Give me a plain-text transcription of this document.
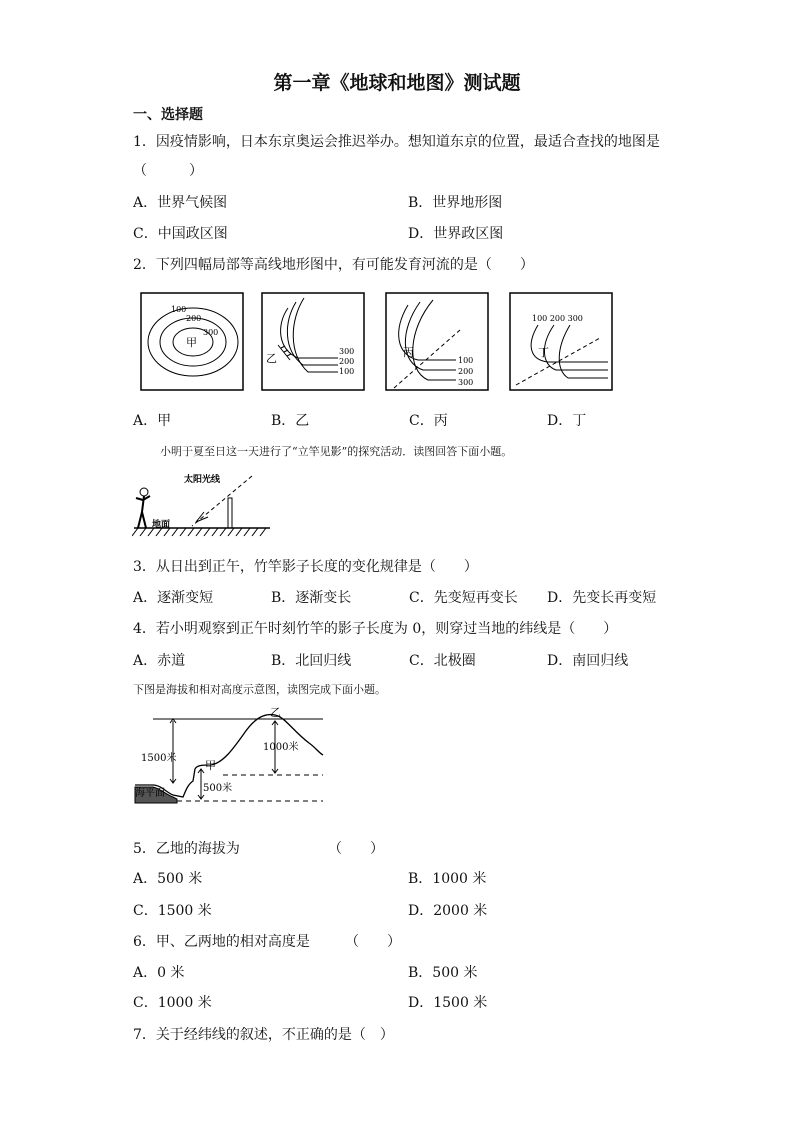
第一章《地球和地图》测试题
一、选择题
1．因疫情影响，日本东京奥运会推迟举办。想知道东京的位置，最适合查找的地图是
（　　　）
A．世界气候图	B．世界地形图
C．中国政区图	D．世界政区图
2．下列四幅局部等高线地形图中，有可能发育河流的是（　　）
100
200
300
甲
300
200
100
乙	丙
100
200
300
100 200 300
丁
A．甲	B．乙	C．丙	D．丁
小明于夏至日这一天进行了“立竿见影”的探究活动．读图回答下面小题。
太阳光线
地面
3．从日出到正午，竹竿影子长度的变化规律是（　　）
A．逐渐变短	B．逐渐变长	C．先变短再变长 D．先变长再变短
4．若小明观察到正午时刻竹竿的影子长度为 0，则穿过当地的纬线是（　　）
A．赤道	B．北回归线	C．北极圈	D．南回归线
下图是海拔和相对高度示意图，读图完成下面小题。
乙
甲
1500米
1000米
500米
海平面
5．乙地的海拔为	（　　）
A．500 米	B．1000 米
C．1500 米	D．2000 米
6．甲、乙两地的相对高度是	（　　）
A．0 米	B．500 米
C．1000 米	D．1500 米
7．关于经纬线的叙述，不正确的是（　）
